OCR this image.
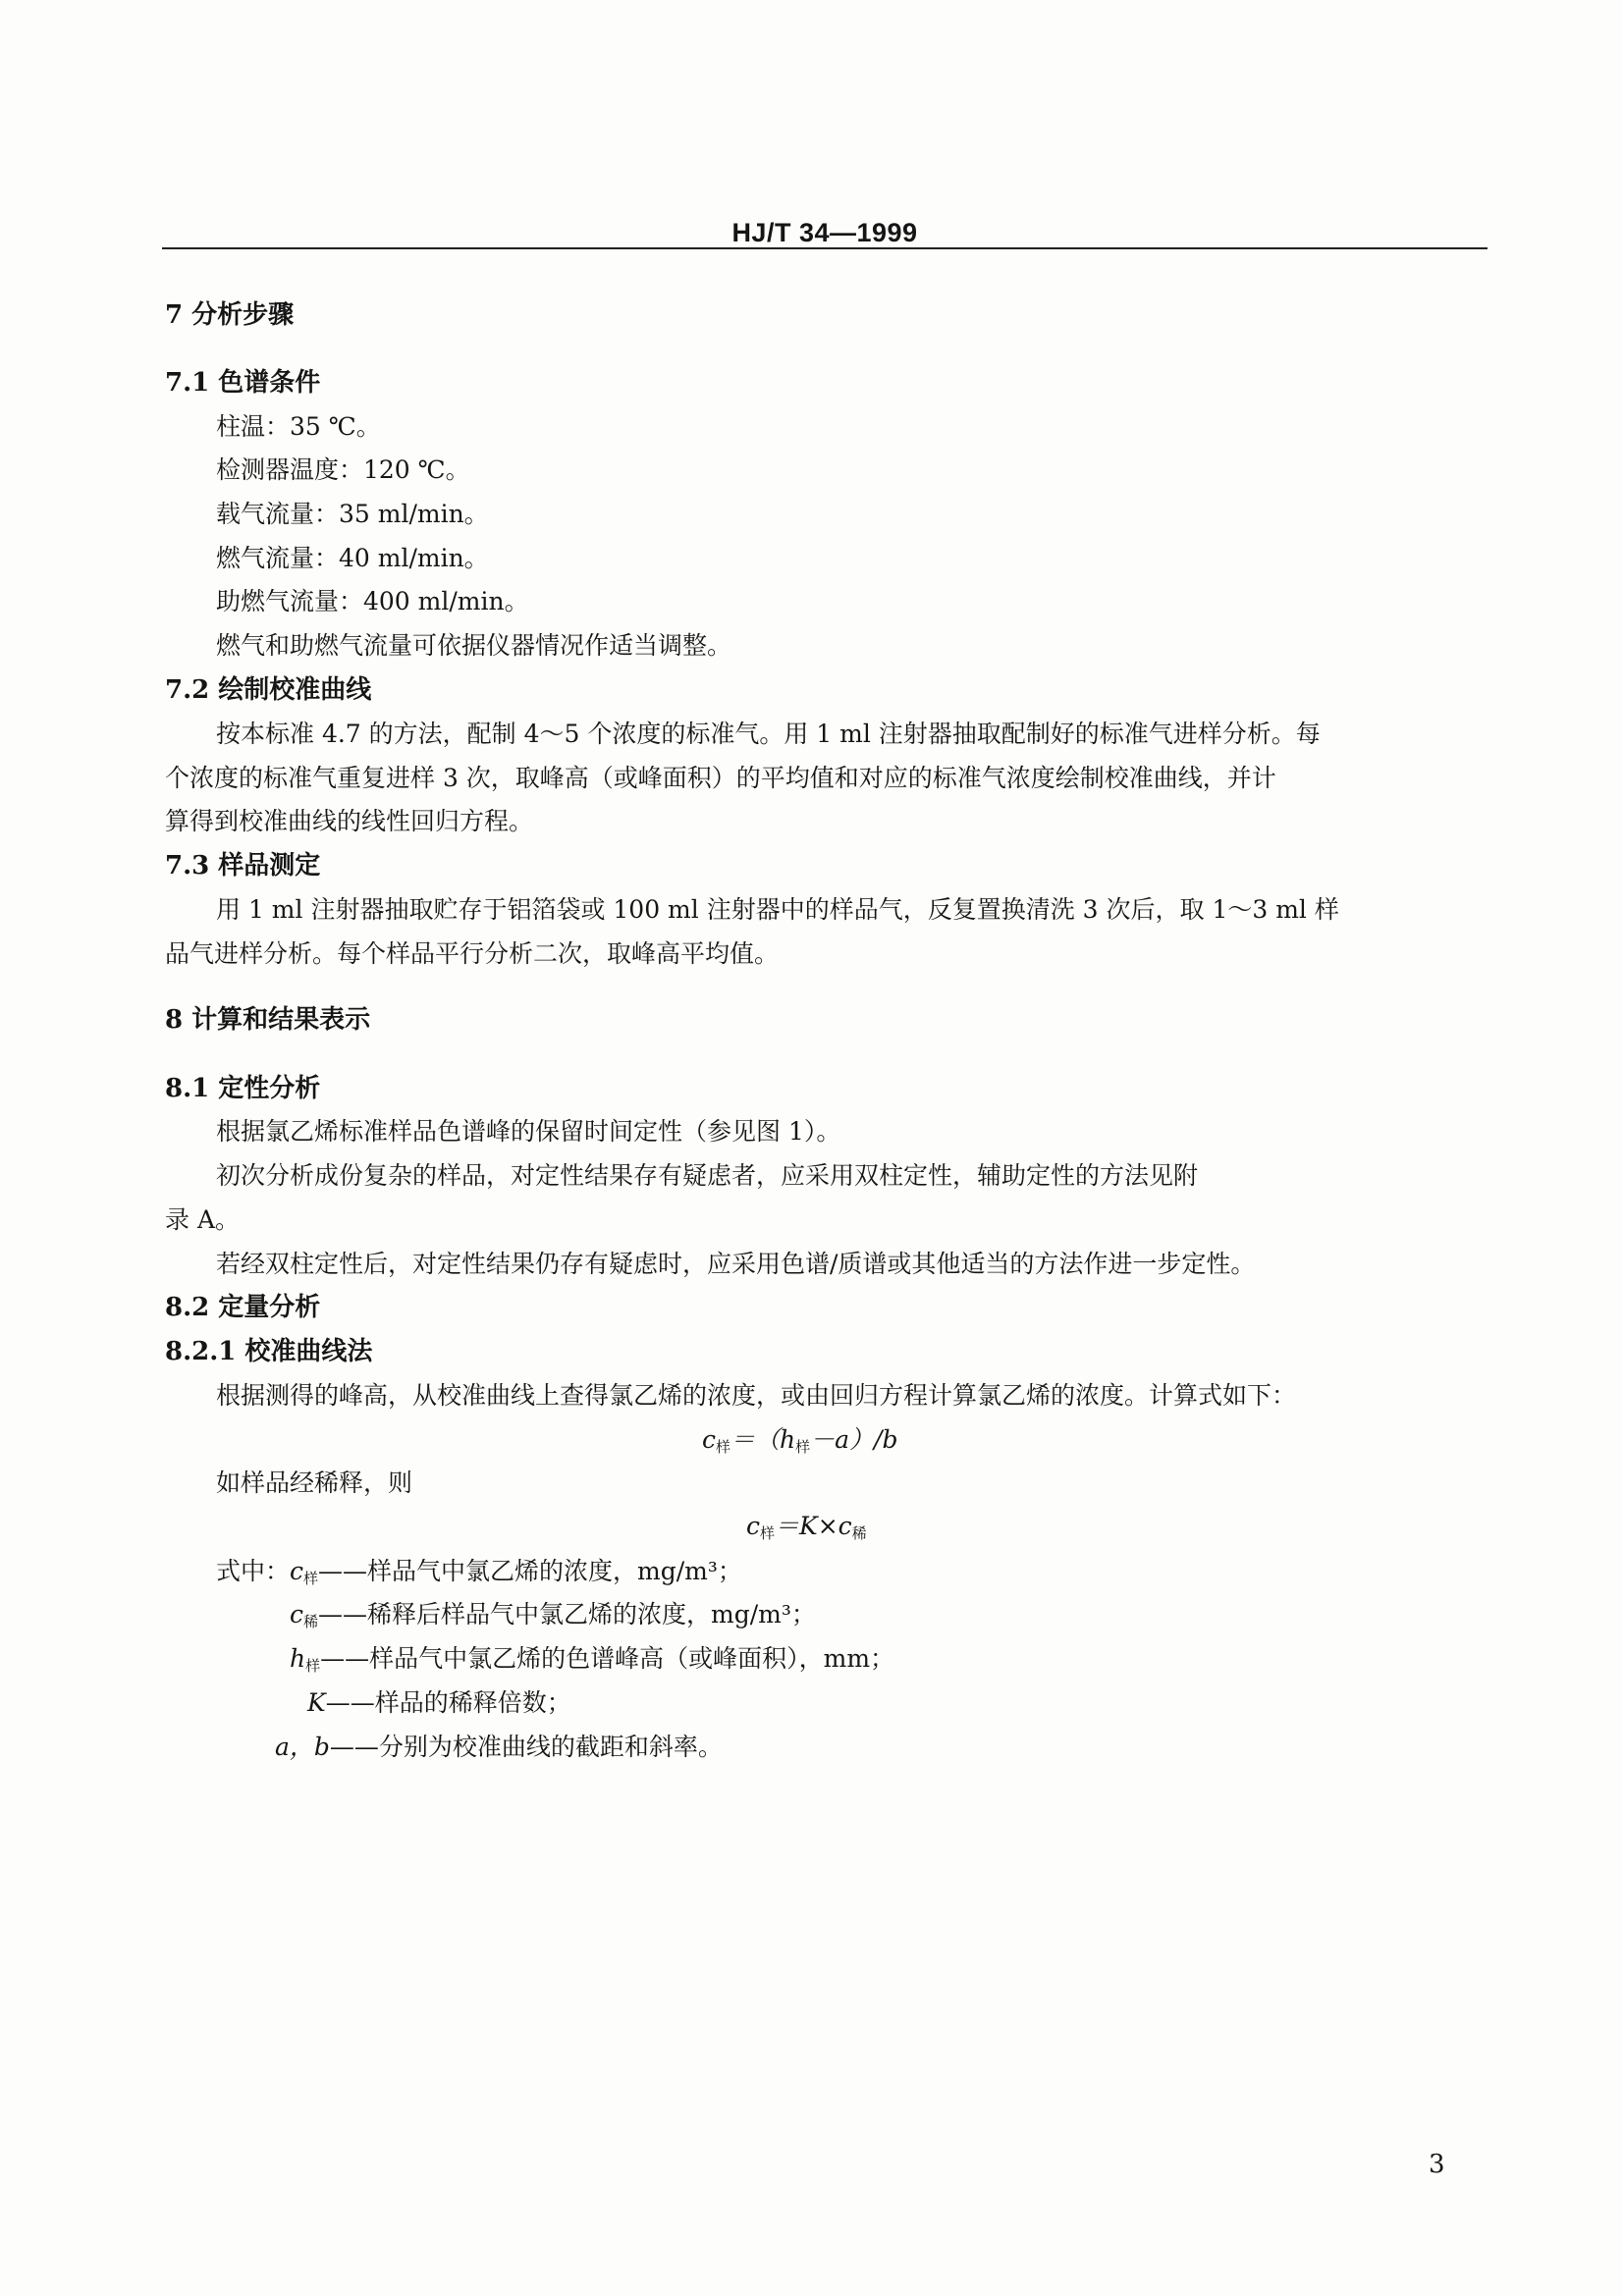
HJ/T 34—1999
7 分析步骤
7.1 色谱条件
柱温：35 ℃。
检测器温度：120 ℃。
载气流量：35 ml/min。
燃气流量：40 ml/min。
助燃气流量：400 ml/min。
燃气和助燃气流量可依据仪器情况作适当调整。
7.2 绘制校准曲线
按本标准 4.7 的方法，配制 4～5 个浓度的标准气。用 1 ml 注射器抽取配制好的标准气进样分析。每
个浓度的标准气重复进样 3 次，取峰高（或峰面积）的平均值和对应的标准气浓度绘制校准曲线，并计
算得到校准曲线的线性回归方程。
7.3 样品测定
用 1 ml 注射器抽取贮存于铝箔袋或 100 ml 注射器中的样品气，反复置换清洗 3 次后，取 1～3 ml 样
品气进样分析。每个样品平行分析二次，取峰高平均值。
8 计算和结果表示
8.1 定性分析
根据氯乙烯标准样品色谱峰的保留时间定性（参见图 1）。
初次分析成份复杂的样品，对定性结果存有疑虑者，应采用双柱定性，辅助定性的方法见附
录 A。
若经双柱定性后，对定性结果仍存有疑虑时，应采用色谱/质谱或其他适当的方法作进一步定性。
8.2 定量分析
8.2.1 校准曲线法
根据测得的峰高，从校准曲线上查得氯乙烯的浓度，或由回归方程计算氯乙烯的浓度。计算式如下：
$c_样=(h_样-a)/b$
如样品经稀释，则
$c_样=K\times c_稀$
式中： $c_样——$样品气中氯乙烯的浓度，mg/m³；
$c_稀——$稀释后样品气中氯乙烯的浓度，mg/m³；
$h_样——$样品气中氯乙烯的色谱峰高（或峰面积），mm；
K——样品的稀释倍数；
a，b——分别为校准曲线的截距和斜率。
3
